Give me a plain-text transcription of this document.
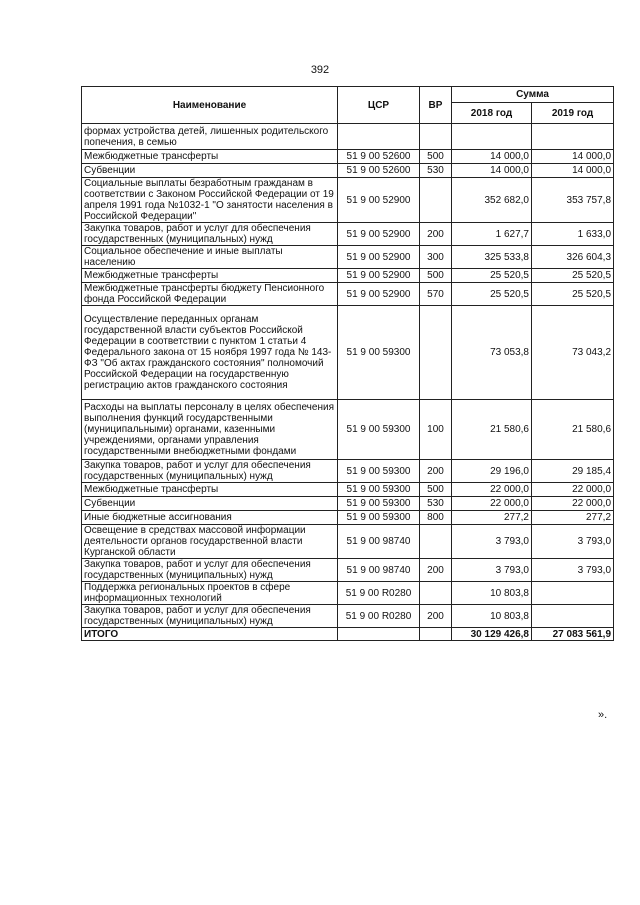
392
Наименование	ЦСР	ВР	Сумма	
			2018 год	2019 год
формах устройства детей, лишенных родительского попечения, в семью				
Межбюджетные трансферты	51 9 00 52600	500	14 000,0	14 000,0
Субвенции	51 9 00 52600	530	14 000,0	14 000,0
Социальные выплаты безработным гражданам в соответствии с Законом Российской Федерации от 19 апреля 1991 года №1032-1 "О занятости населения в Российской Федерации"	51 9 00 52900		352 682,0	353 757,8
Закупка товаров, работ и услуг для обеспечения государственных (муниципальных) нужд	51 9 00 52900	200	1 627,7	1 633,0
Социальное обеспечение и иные выплаты населению	51 9 00 52900	300	325 533,8	326 604,3
Межбюджетные трансферты	51 9 00 52900	500	25 520,5	25 520,5
Межбюджетные трансферты бюджету Пенсионного фонда Российской Федерации	51 9 00 52900	570	25 520,5	25 520,5
Осуществление переданных органам государственной власти субъектов Российской Федерации в соответствии с пунктом 1 статьи 4 Федерального закона от 15 ноября 1997 года № 143-ФЗ "Об актах гражданского состояния" полномочий Российской Федерации на государственную регистрацию актов гражданского состояния	51 9 00 59300		73 053,8	73 043,2
Расходы на выплаты персоналу в целях обеспечения выполнения функций государственными (муниципальными) органами, казенными учреждениями, органами управления государственными внебюджетными фондами	51 9 00 59300	100	21 580,6	21 580,6
Закупка товаров, работ и услуг для обеспечения государственных (муниципальных) нужд	51 9 00 59300	200	29 196,0	29 185,4
Межбюджетные трансферты	51 9 00 59300	500	22 000,0	22 000,0
Субвенции	51 9 00 59300	530	22 000,0	22 000,0
Иные бюджетные ассигнования	51 9 00 59300	800	277,2	277,2
Освещение в средствах массовой информации деятельности органов государственной власти Курганской области	51 9 00 98740		3 793,0	3 793,0
Закупка товаров, работ и услуг для обеспечения государственных (муниципальных) нужд	51 9 00 98740	200	3 793,0	3 793,0
Поддержка региональных проектов в сфере информационных технологий	51 9 00 R0280		10 803,8	
Закупка товаров, работ и услуг для обеспечения государственных (муниципальных) нужд	51 9 00 R0280	200	10 803,8	
ИТОГО			30 129 426,8	27 083 561,9
».
